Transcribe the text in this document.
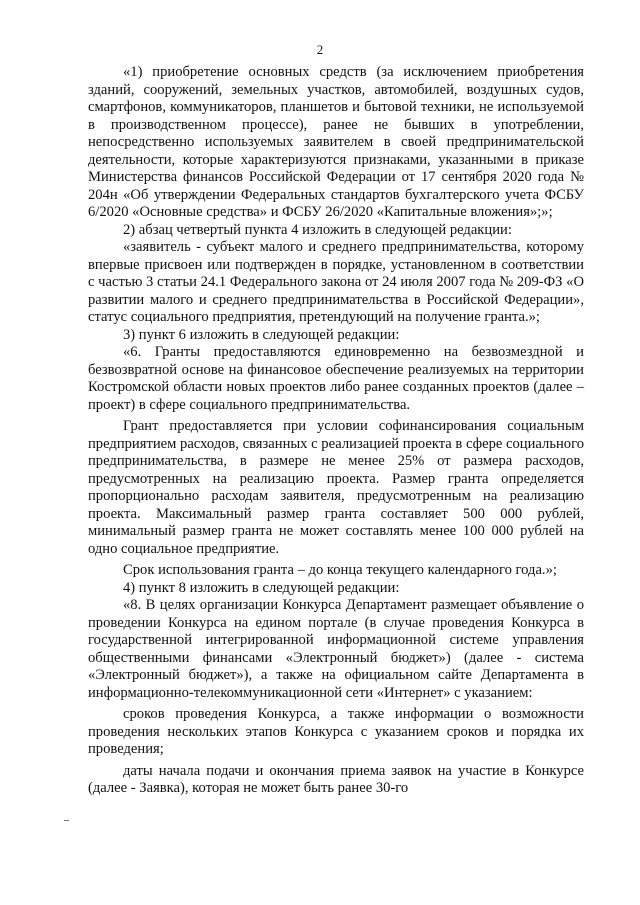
2

«1) приобретение основных средств (за исключением приобретения зданий, сооружений, земельных участков, автомобилей, воздушных судов, смартфонов, коммуникаторов, планшетов и бытовой техники, не используемой в производственном процессе), ранее не бывших в употреблении, непосредственно используемых заявителем в своей предпринимательской деятельности, которые характеризуются признаками, указанными в приказе Министерства финансов Российской Федерации от 17 сентября 2020 года № 204н «Об утверждении Федеральных стандартов бухгалтерского учета ФСБУ 6/2020 «Основные средства» и ФСБУ 26/2020 «Капитальные вложения»;»;

2) абзац четвертый пункта 4 изложить в следующей редакции:

«заявитель - субъект малого и среднего предпринимательства, которому впервые присвоен или подтвержден в порядке, установленном в соответствии с частью 3 статьи 24.1 Федерального закона от 24 июля 2007 года № 209-ФЗ «О развитии малого и среднего предпринимательства в Российской Федерации», статус социального предприятия, претендующий на получение гранта.»;

3) пункт 6 изложить в следующей редакции:

«6. Гранты предоставляются единовременно на безвозмездной и безвозвратной основе на финансовое обеспечение реализуемых на территории Костромской области новых проектов либо ранее созданных проектов (далее – проект) в сфере социального предпринимательства.

Грант предоставляется при условии софинансирования социальным предприятием расходов, связанных с реализацией проекта в сфере социального предпринимательства, в размере не менее 25% от размера расходов, предусмотренных на реализацию проекта. Размер гранта определяется пропорционально расходам заявителя, предусмотренным на реализацию проекта. Максимальный размер гранта составляет 500 000 рублей, минимальный размер гранта не может составлять менее 100 000 рублей на одно социальное предприятие.

Срок использования гранта – до конца текущего календарного года.»;

4) пункт 8 изложить в следующей редакции:

«8. В целях организации Конкурса Департамент размещает объявление о проведении Конкурса на едином портале (в случае проведения Конкурса в государственной интегрированной информационной системе управления общественными финансами «Электронный бюджет») (далее - система «Электронный бюджет»), а также на официальном сайте Департамента в информационно-телекоммуникационной сети «Интернет» с указанием:

сроков проведения Конкурса, а также информации о возможности проведения нескольких этапов Конкурса с указанием сроков и порядка их проведения;

даты начала подачи и окончания приема заявок на участие в Конкурсе (далее - Заявка), которая не может быть ранее 30-го
